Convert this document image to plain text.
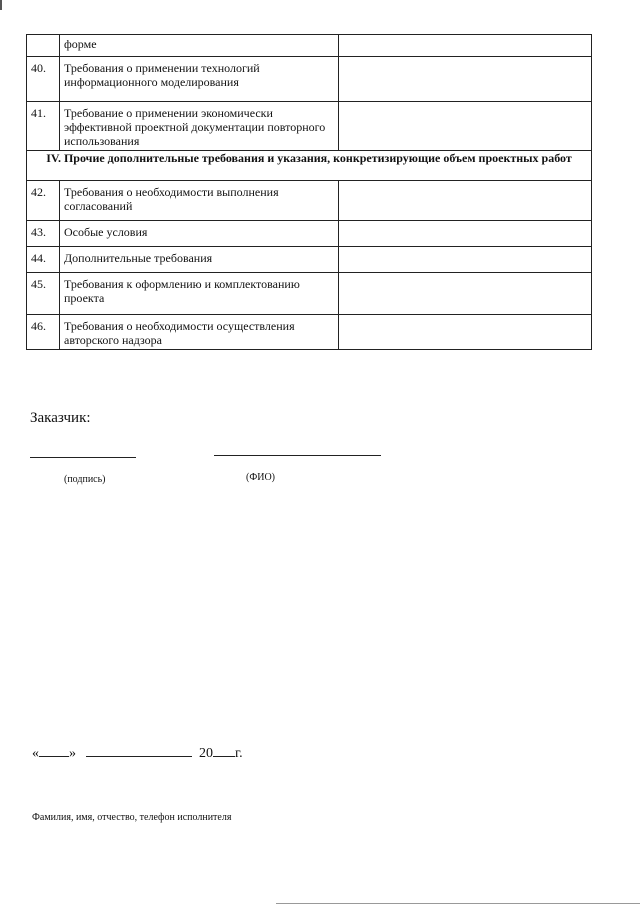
	форме	

40.	Требования о применении технологий информационного моделирования	

41.	Требование о применении экономически эффективной проектной документации повторного использования	

IV. Прочие дополнительные требования и указания, конкретизирующие объем проектных работ		

42.	Требования о необходимости выполнения согласований	

43.	Особые условия	

44.	Дополнительные требования	

45.	Требования к оформлению и комплектованию проекта	

46.	Требования о необходимости осуществления авторского надзора	

Заказчик:
(подпись)	(ФИО)
« »	20 г.
Фамилия, имя, отчество, телефон исполнителя
